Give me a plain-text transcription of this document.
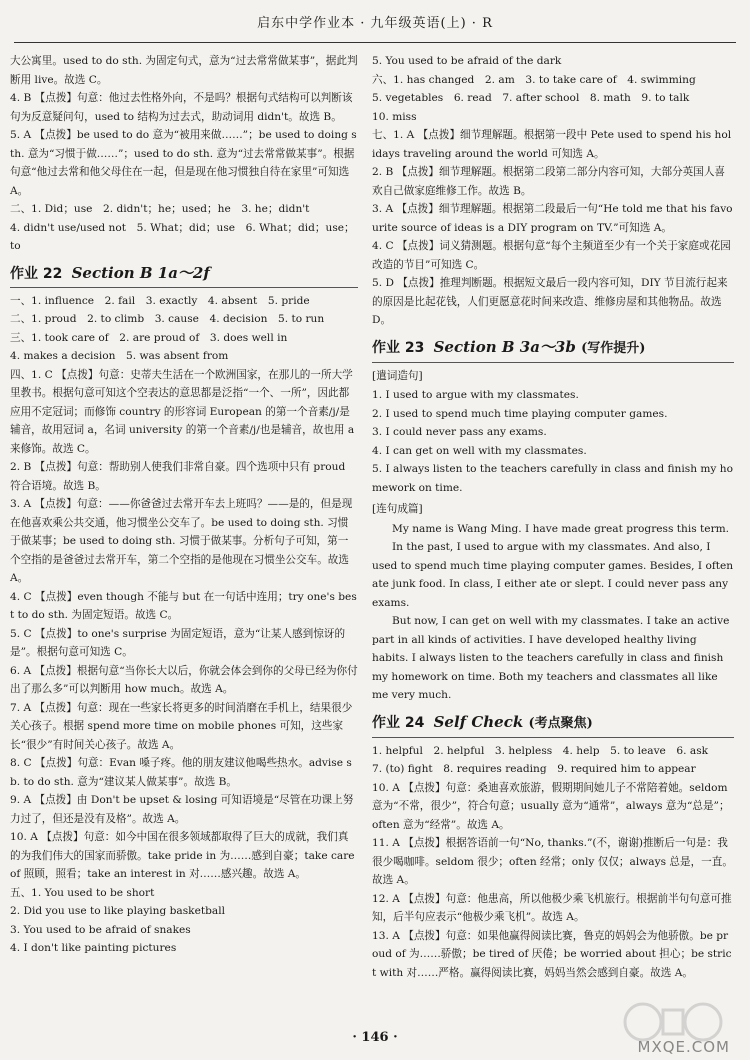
启东中学作业本 · 九年级英语(上) · R

大公寓里。used to do sth. 为固定句式，意为“过去常常做某事”，据此判断用 live。故选 C。

4. B 【点拨】句意：他过去性格外向，不是吗？根据句式结构可以判断该句为反意疑问句，used to 结构为过去式，助动词用 didn't。故选 B。

5. A 【点拨】be used to do 意为“被用来做……”；be used to doing sth. 意为“习惯于做……”；used to do sth. 意为“过去常常做某事”。根据句意“他过去常和他父母住在一起，但是现在他习惯独自待在家里”可知选 A。

二、1. Did；use　2. didn't；he；used；he　3. he；didn't

4. didn't use/used not　5. What；did；use　6. What；did；use；to

作业 22 Section B 1a～2f

一、1. influence　2. fail　3. exactly　4. absent　5. pride

二、1. proud　2. to climb　3. cause　4. decision　5. to run

三、1. took care of　2. are proud of　3. does well in

4. makes a decision　5. was absent from

四、1. C 【点拨】句意：史蒂夫生活在一个欧洲国家，在那儿的一所大学里教书。根据句意可知这个空表达的意思都是泛指“一个、一所”，因此都应用不定冠词；而修饰 country 的形容词 European 的第一个音素/j/是辅音，故用冠词 a，名词 university 的第一个音素/j/也是辅音，故也用 a 来修饰。故选 C。

2. B 【点拨】句意：帮助别人使我们非常自豪。四个选项中只有 proud 符合语境。故选 B。

3. A 【点拨】句意：——你爸爸过去常开车去上班吗？——是的，但是现在他喜欢乘公共交通，他习惯坐公交车了。be used to doing sth. 习惯于做某事；be used to doing sth. 习惯于做某事。分析句子可知，第一个空指的是爸爸过去常开车，第二个空指的是他现在习惯坐公交车。故选 A。

4. C 【点拨】even though 不能与 but 在一句话中连用；try one's best to do sth. 为固定短语。故选 C。

5. C 【点拨】to one's surprise 为固定短语，意为“让某人感到惊讶的是”。根据句意可知选 C。

6. A 【点拨】根据句意“当你长大以后，你就会体会到你的父母已经为你付出了那么多”可以判断用 how much。故选 A。

7. A 【点拨】句意：现在一些家长将更多的时间消磨在手机上，结果很少关心孩子。根据 spend more time on mobile phones 可知，这些家长“很少”有时间关心孩子。故选 A。

8. C 【点拨】句意：Evan 嗓子疼。他的朋友建议他喝些热水。advise sb. to do sth. 意为“建议某人做某事”。故选 B。

9. A 【点拨】由 Don't be upset & losing 可知语境是“尽管在功课上努力过了，但还是没有及格”。故选 A。

10. A 【点拨】句意：如今中国在很多领域都取得了巨大的成就，我们真的为我们伟大的国家而骄傲。take pride in 为……感到自豪；take care of 照顾，照看；take an interest in 对……感兴趣。故选 A。

五、1. You used to be short

2. Did you use to like playing basketball

3. You used to be afraid of snakes

4. I don't like painting pictures

5. You used to be afraid of the dark

六、1. has changed　2. am　3. to take care of　4. swimming

5. vegetables　6. read　7. after school　8. math　9. to talk

10. miss

七、1. A 【点拨】细节理解题。根据第一段中 Pete used to spend his holidays traveling around the world 可知选 A。

2. B 【点拨】细节理解题。根据第二段第二部分内容可知，大部分英国人喜欢自己做家庭维修工作。故选 B。

3. A 【点拨】细节理解题。根据第二段最后一句“He told me that his favourite source of ideas is a DIY program on TV.”可知选 A。

4. C 【点拨】词义猜测题。根据句意“每个主频道至少有一个关于家庭或花园改造的节目”可知选 C。

5. D 【点拨】推理判断题。根据短文最后一段内容可知，DIY 节目流行起来的原因是比起花钱，人们更愿意花时间来改造、维修房屋和其他物品。故选 D。

作业 23 Section B 3a～3b (写作提升)

[遣词造句]

1. I used to argue with my classmates.

2. I used to spend much time playing computer games.

3. I could never pass any exams.

4. I can get on well with my classmates.

5. I always listen to the teachers carefully in class and finish my homework on time.

[连句成篇]

My name is Wang Ming. I have made great progress this term.

In the past, I used to argue with my classmates. And also, I used to spend much time playing computer games. Besides, I often ate junk food. In class, I either ate or slept. I could never pass any exams.

But now, I can get on well with my classmates. I take an active part in all kinds of activities. I have developed healthy living habits. I always listen to the teachers carefully in class and finish my homework on time. Both my teachers and classmates all like me very much.

作业 24 Self Check (考点聚焦)

1. helpful　2. helpful　3. helpless　4. help　5. to leave　6. ask

7. (to) fight　8. requires reading　9. required him to appear

10. A 【点拨】句意：桑迪喜欢旅游，假期期间她儿子不常陪着她。seldom 意为“不常，很少”，符合句意；usually 意为“通常”，always 意为“总是”；often 意为“经常”。故选 A。

11. A 【点拨】根据答语前一句“No, thanks.”(不，谢谢)推断后一句是：我很少喝咖啡。seldom 很少；often 经常；only 仅仅；always 总是，一直。故选 A。

12. A 【点拨】句意：他患高，所以他极少乘飞机旅行。根据前半句句意可推知，后半句应表示“他极少乘飞机”。故选 A。

13. A 【点拨】句意：如果他赢得阅读比赛，鲁克的妈妈会为他骄傲。be proud of 为……骄傲；be tired of 厌倦；be worried about 担心；be strict with 对……严格。赢得阅读比赛，妈妈当然会感到自豪。故选 A。

· 146 ·
MXQE.COM
